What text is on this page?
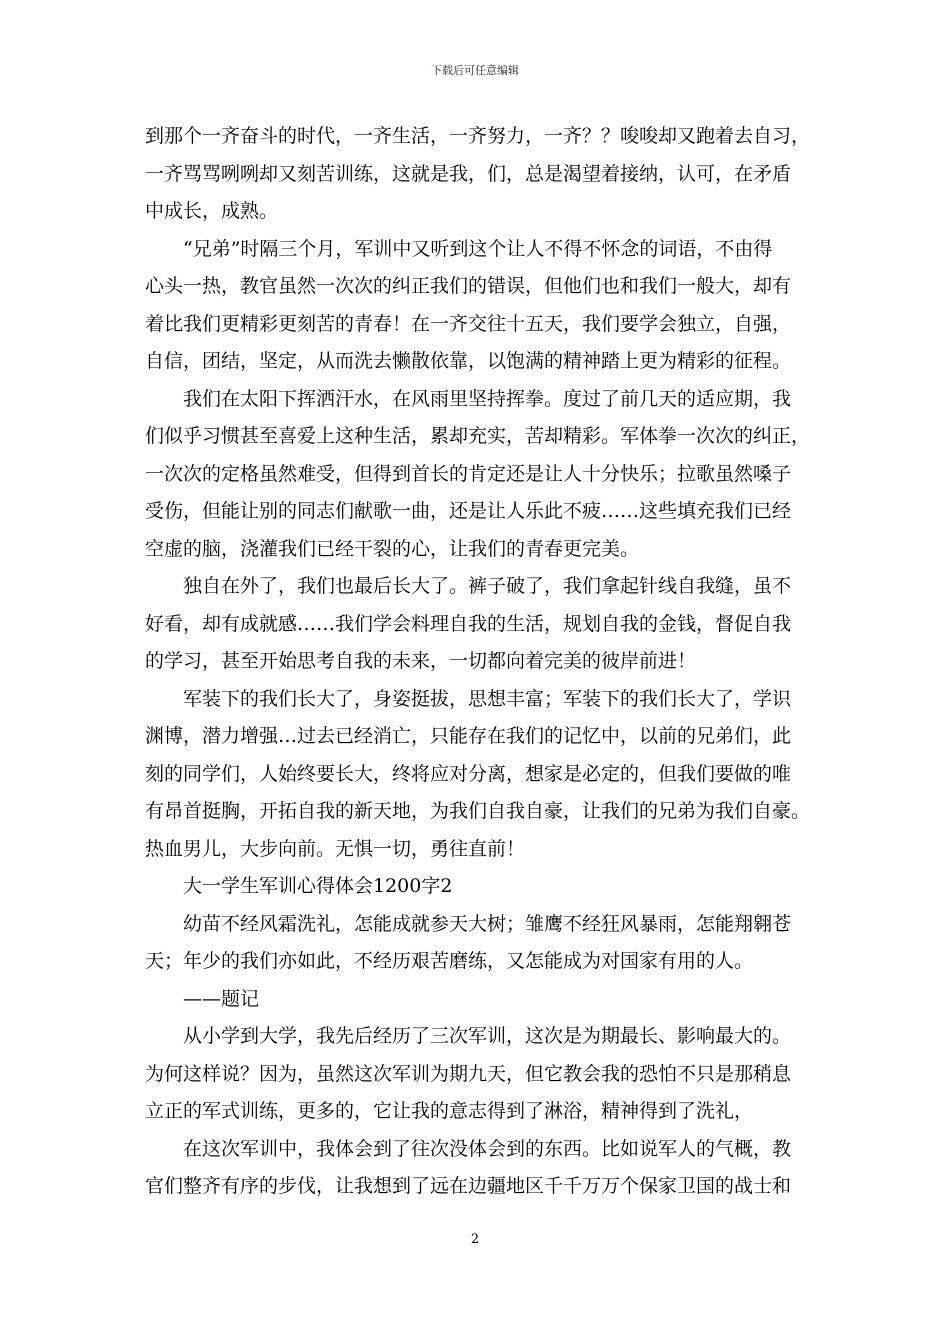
下载后可任意编辑
到那个一齐奋斗的时代，一齐生活，一齐努力，一齐？？唆唆却又跑着去自习，
一齐骂骂咧咧却又刻苦训练，这就是我，们，总是渴望着接纳，认可，在矛盾
中成长，成熟。
“兄弟”时隔三个月，军训中又听到这个让人不得不怀念的词语，不由得
心头一热，教官虽然一次次的纠正我们的错误，但他们也和我们一般大，却有
着比我们更精彩更刻苦的青春！在一齐交往十五天，我们要学会独立，自强，
自信，团结，坚定，从而洗去懒散依靠，以饱满的精神踏上更为精彩的征程。
我们在太阳下挥洒汗水，在风雨里坚持挥拳。度过了前几天的适应期，我
们似乎习惯甚至喜爱上这种生活，累却充实，苦却精彩。军体拳一次次的纠正，
一次次的定格虽然难受，但得到首长的肯定还是让人十分快乐；拉歌虽然嗓子
受伤，但能让别的同志们献歌一曲，还是让人乐此不疲……这些填充我们已经
空虚的脑，浇灌我们已经干裂的心，让我们的青春更完美。
独自在外了，我们也最后长大了。裤子破了，我们拿起针线自我缝，虽不
好看，却有成就感……我们学会料理自我的生活，规划自我的金钱，督促自我
的学习，甚至开始思考自我的未来，一切都向着完美的彼岸前进！
军装下的我们长大了，身姿挺拔，思想丰富；军装下的我们长大了，学识
渊博，潜力增强…过去已经消亡，只能存在我们的记忆中，以前的兄弟们，此
刻的同学们，人始终要长大，终将应对分离，想家是必定的，但我们要做的唯
有昂首挺胸，开拓自我的新天地，为我们自我自豪，让我们的兄弟为我们自豪。
热血男儿，大步向前。无惧一切，勇往直前！
大一学生军训心得体会1200字2
幼苗不经风霜洗礼，怎能成就参天大树；雏鹰不经狂风暴雨，怎能翔翱苍
天；年少的我们亦如此，不经历艰苦磨练，又怎能成为对国家有用的人。
——题记
从小学到大学，我先后经历了三次军训，这次是为期最长、影响最大的。
为何这样说？因为，虽然这次军训为期九天，但它教会我的恐怕不只是那稍息
立正的军式训练，更多的，它让我的意志得到了淋浴，精神得到了洗礼，
在这次军训中，我体会到了往次没体会到的东西。比如说军人的气概，教
官们整齐有序的步伐，让我想到了远在边疆地区千千万万个保家卫国的战士和
2
